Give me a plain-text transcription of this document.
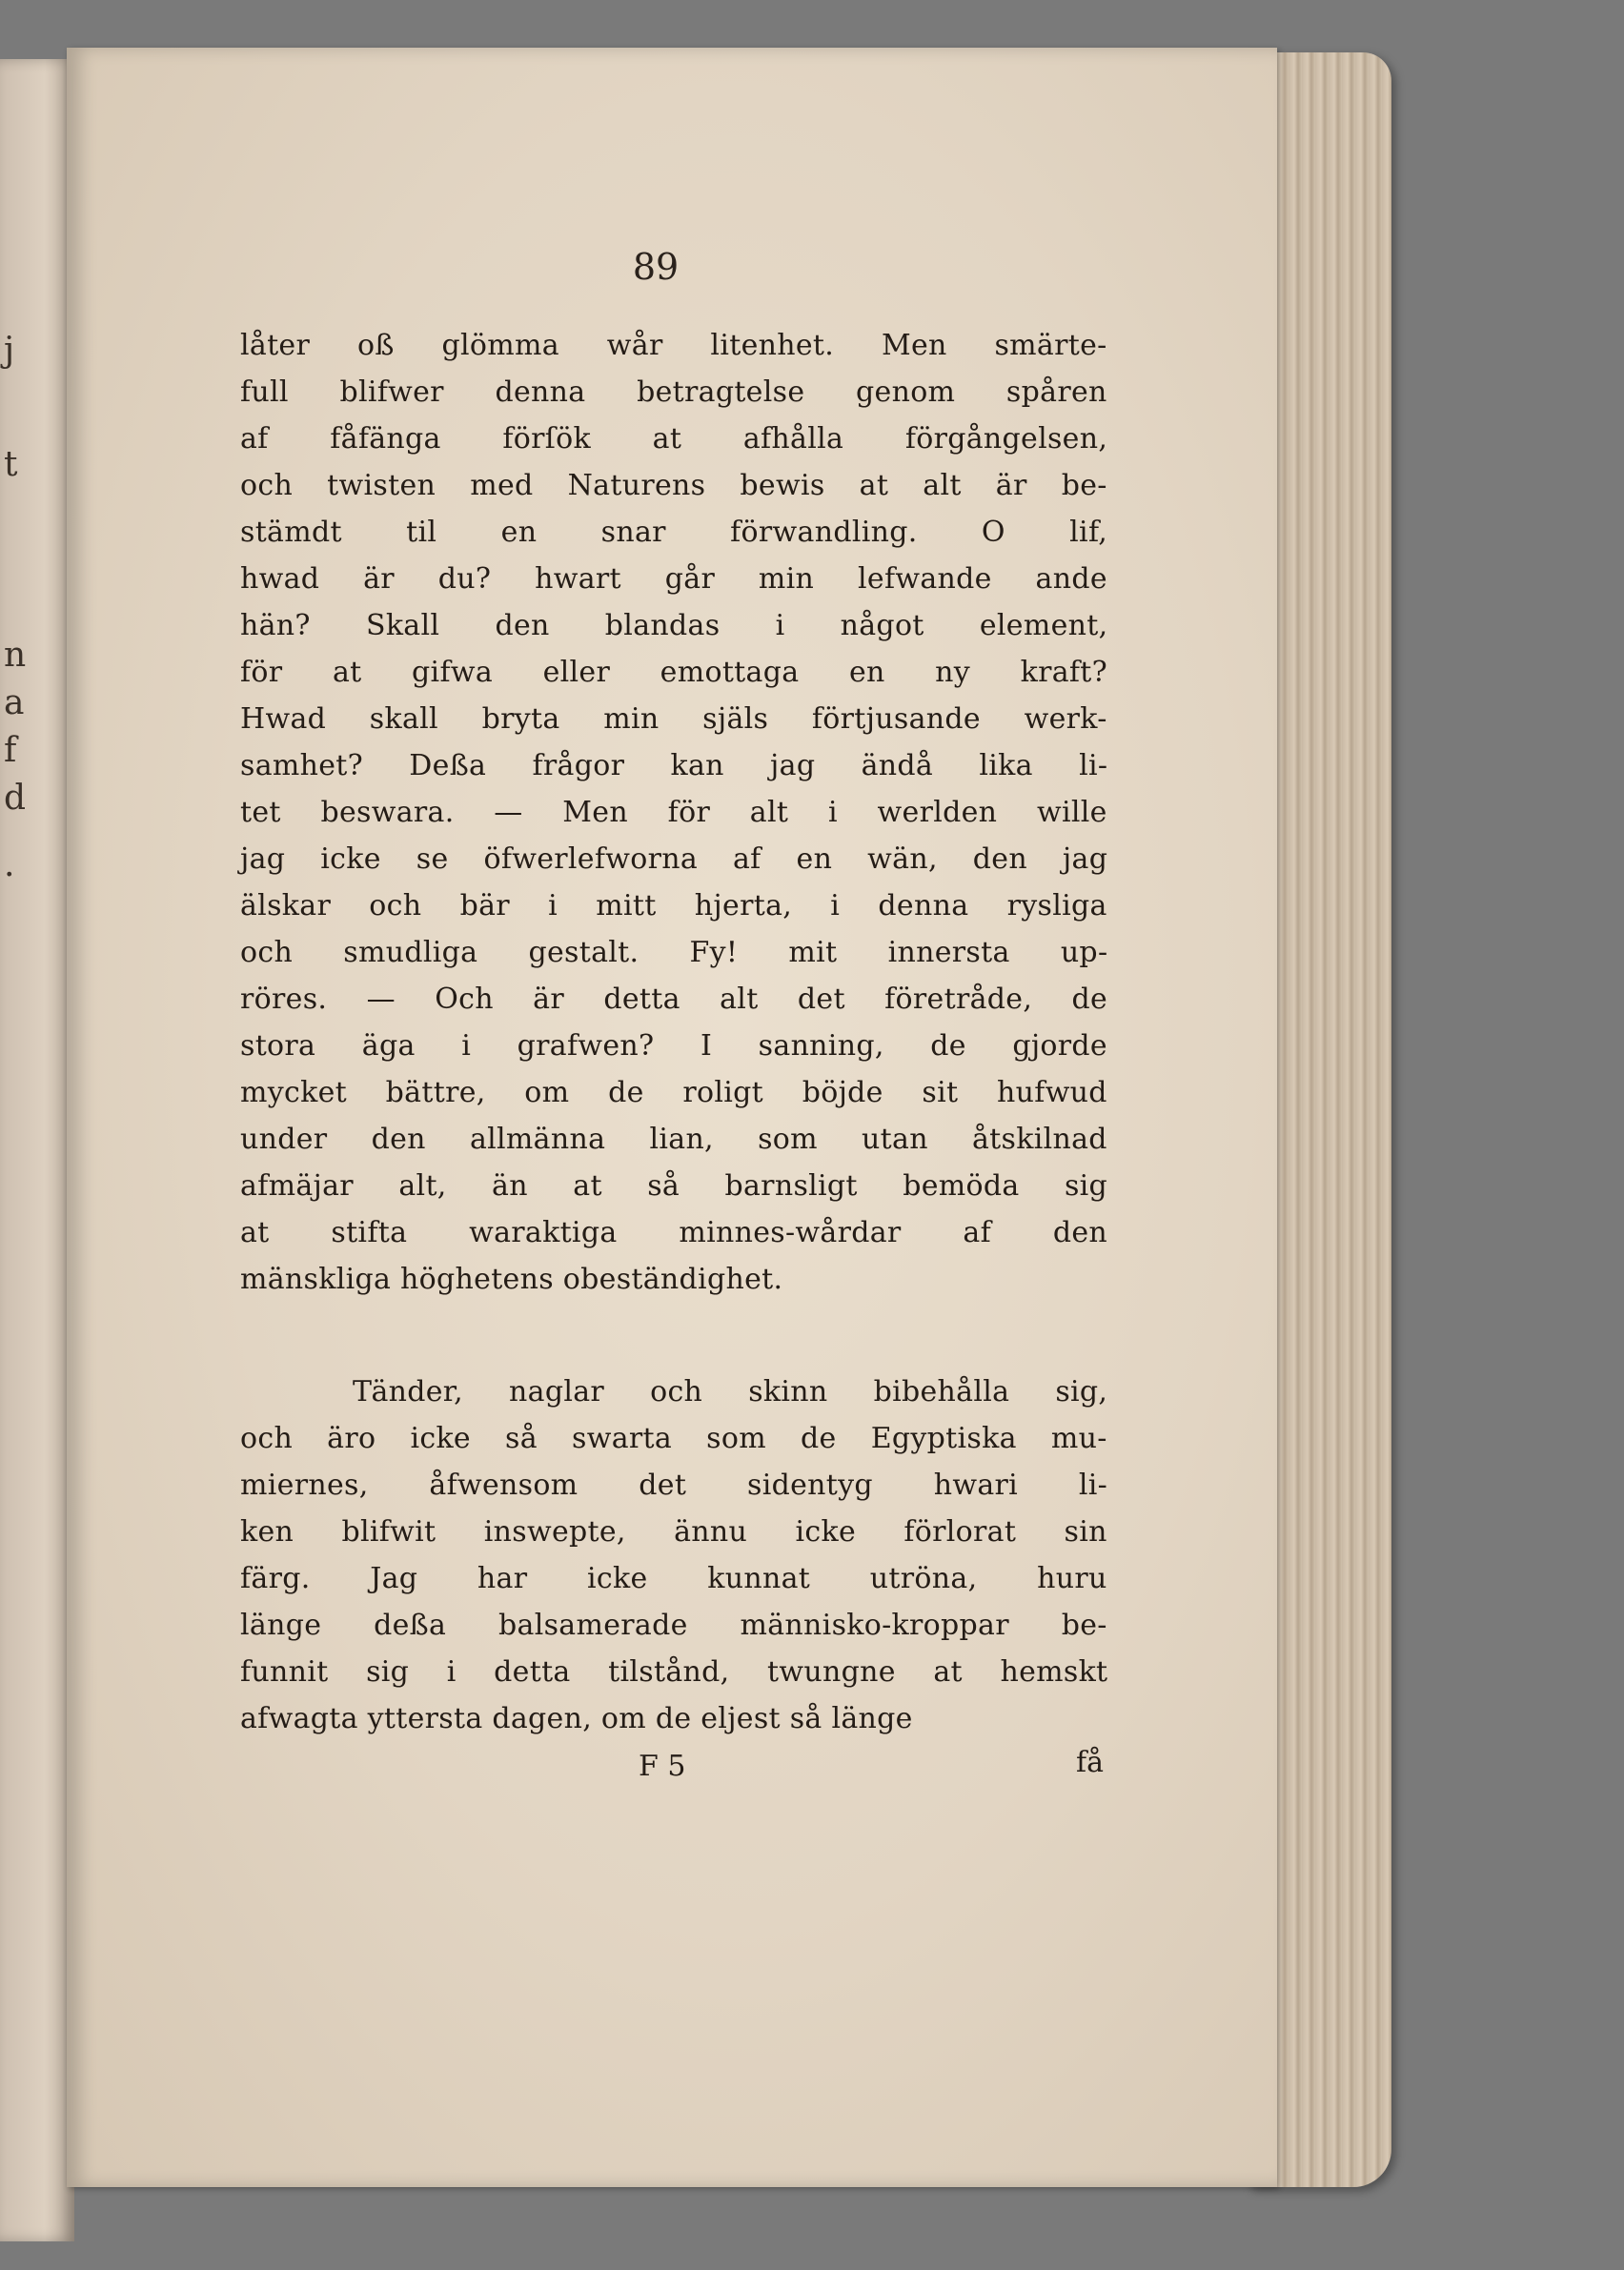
j
t
n
a
f
d
.
89
låter oß glömma wår litenhet. Men smärte-
full blifwer denna betragtelse genom spåren
af fåfänga förſök at afhålla förgångelsen,
och twisten med Naturens bewis at alt är be-
stämdt til en snar förwandling. O lif,
hwad är du? hwart går min lefwande ande
hän? Skall den blandas i något element,
för at gifwa eller emottaga en ny kraft?
Hwad skall bryta min själs förtjusande werk-
samhet? Deßa frågor kan jag ändå lika li-
tet beswara. — Men för alt i werlden wille
jag icke se öfwerlefworna af en wän, den jag
älskar och bär i mitt hjerta, i denna rysliga
och smudliga gestalt. Fy! mit innersta up-
röres. — Och är detta alt det företråde, de
stora äga i grafwen? I sanning, de gjorde
mycket bättre, om de roligt böjde sit hufwud
under den allmänna lian, som utan åtskilnad
afmäjar alt, än at så barnsligt bemöda sig
at stifta waraktiga minnes-wårdar af den
mänskliga höghetens obeständighet.
Tänder, naglar och skinn bibehålla sig,
och äro icke så swarta som de Egyptiska mu-
miernes, åfwensom det sidentyg hwari li-
ken blifwit inswepte, ännu icke förlorat sin
färg. Jag har icke kunnat utröna, huru
länge deßa balsamerade människo-kroppar be-
funnit sig i detta tilstånd, twungne at hemskt
afwagta yttersta dagen, om de eljest så länge
F 5	få
